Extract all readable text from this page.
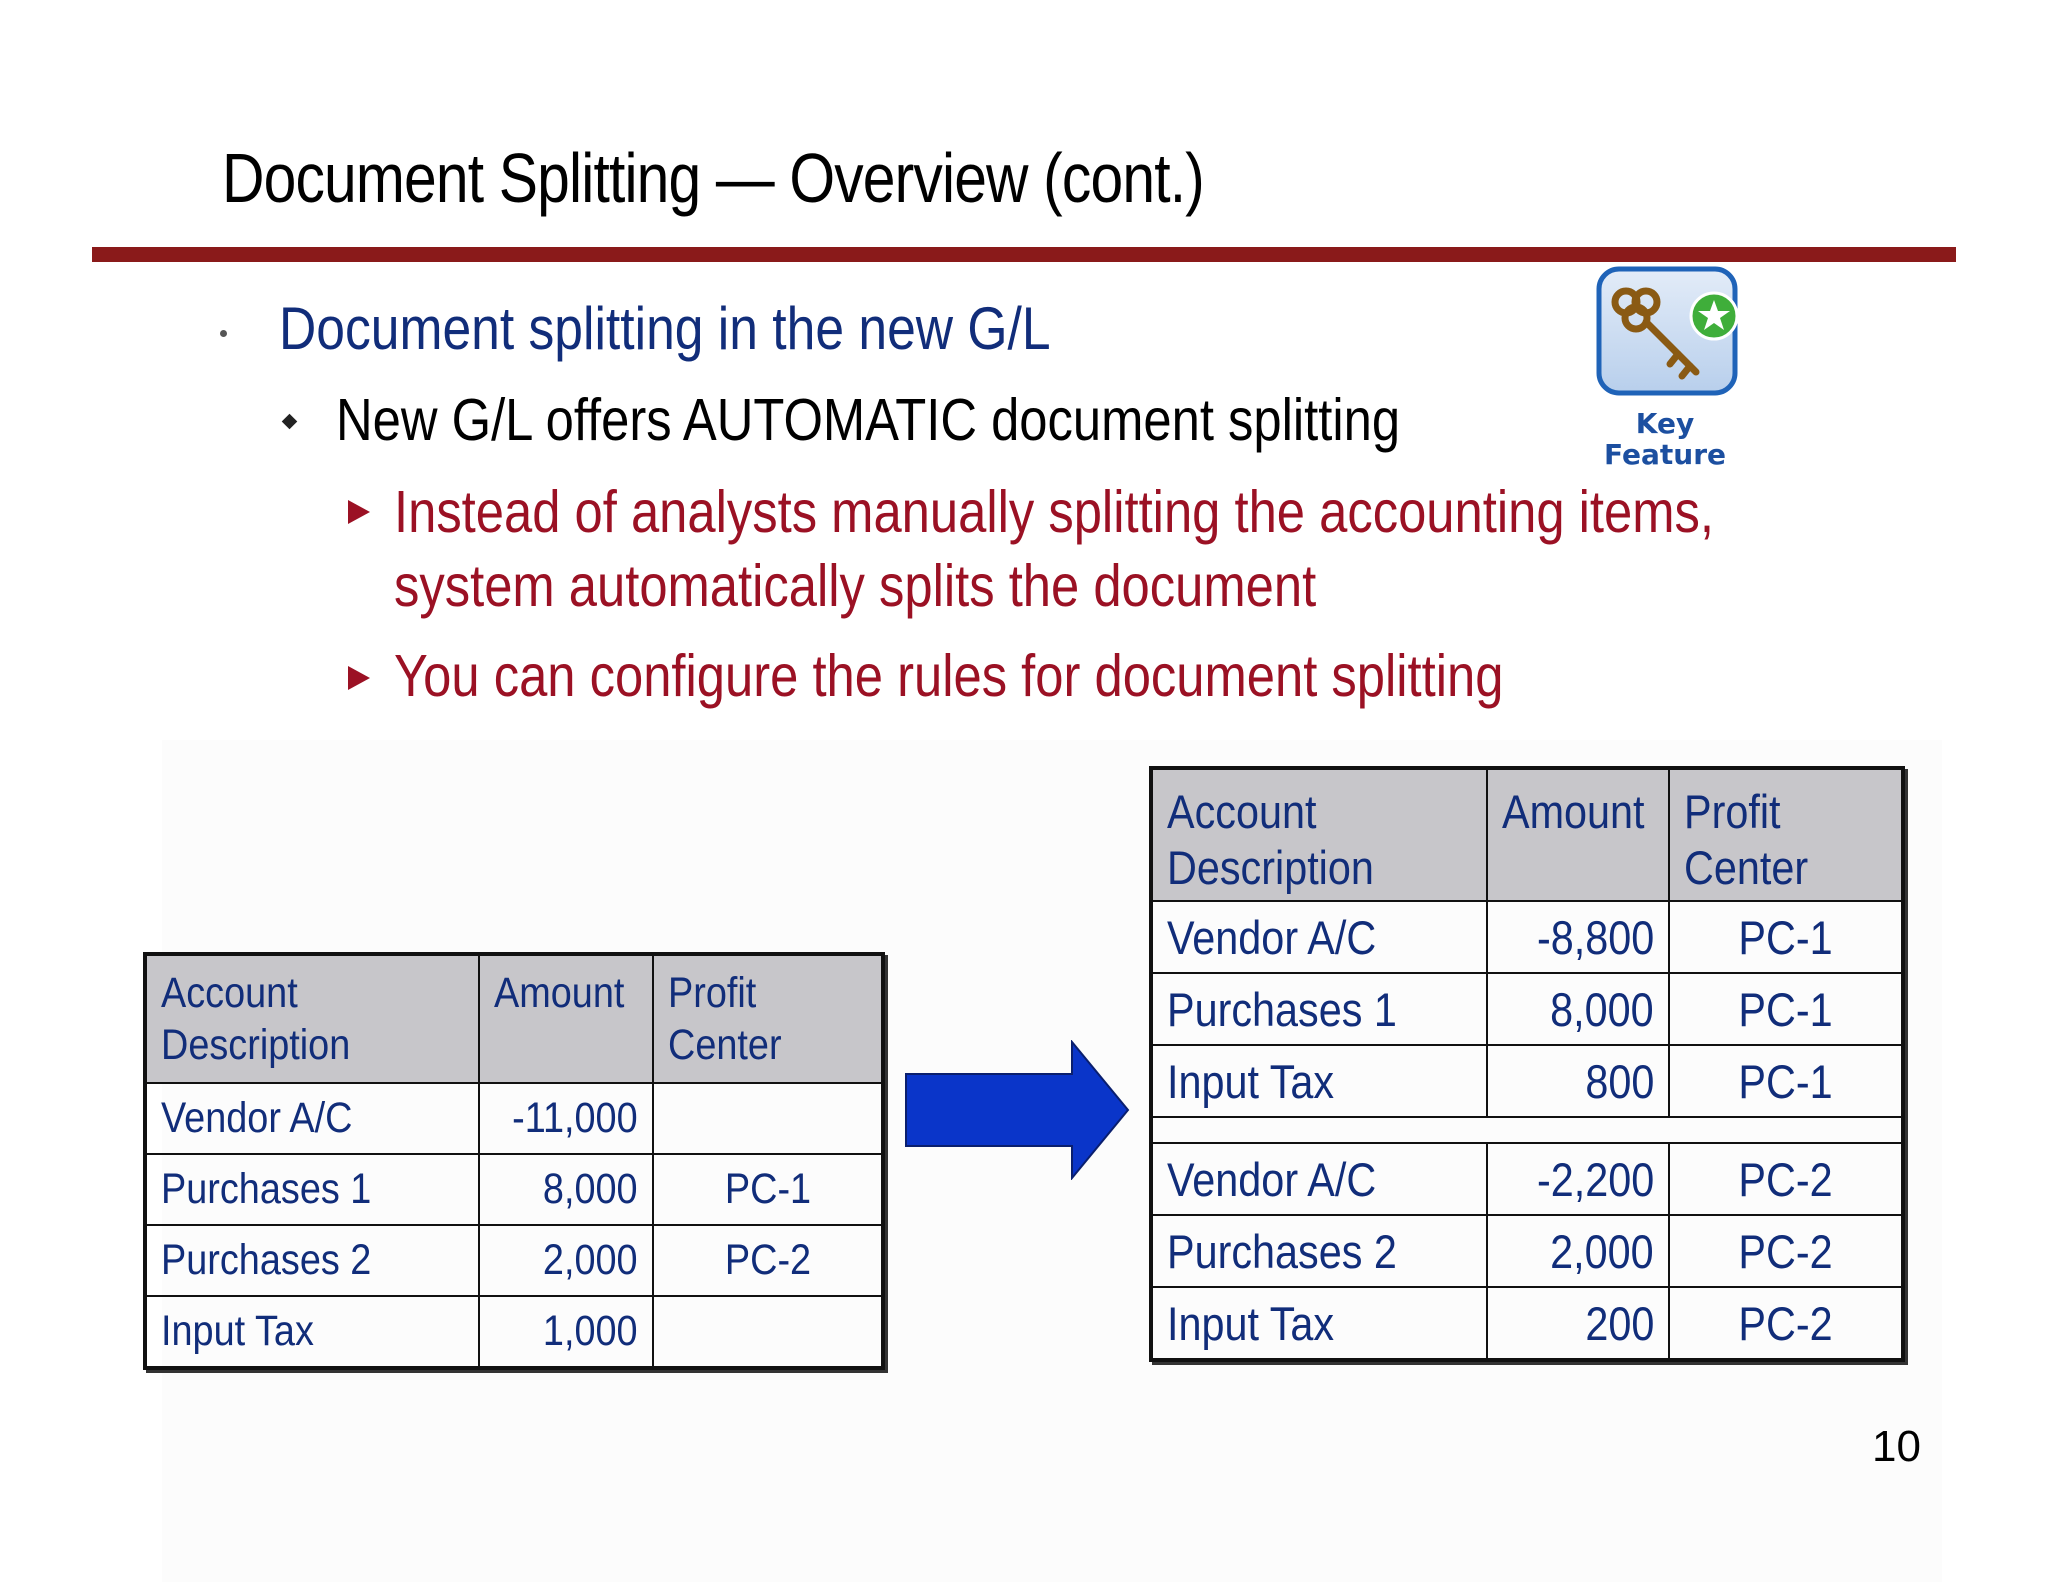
Document Splitting — Overview (cont.)
Document splitting in the new G/L
New G/L offers AUTOMATIC document splitting
Instead of analysts manually splitting the accounting items,
system automatically splits the document
You can configure the rules for document splitting
Key
Feature
Account Description	Amount	Profit Center
Vendor A/C	-11,000	
Purchases 1	8,000	PC-1
Purchases 2	2,000	PC-2
Input Tax	1,000	
Account Description	Amount	Profit Center
Vendor A/C	-8,800	PC-1
Purchases 1	8,000	PC-1
Input Tax	800	PC-1

Vendor A/C	-2,200	PC-2
Purchases 2	2,000	PC-2
Input Tax	200	PC-2
10
